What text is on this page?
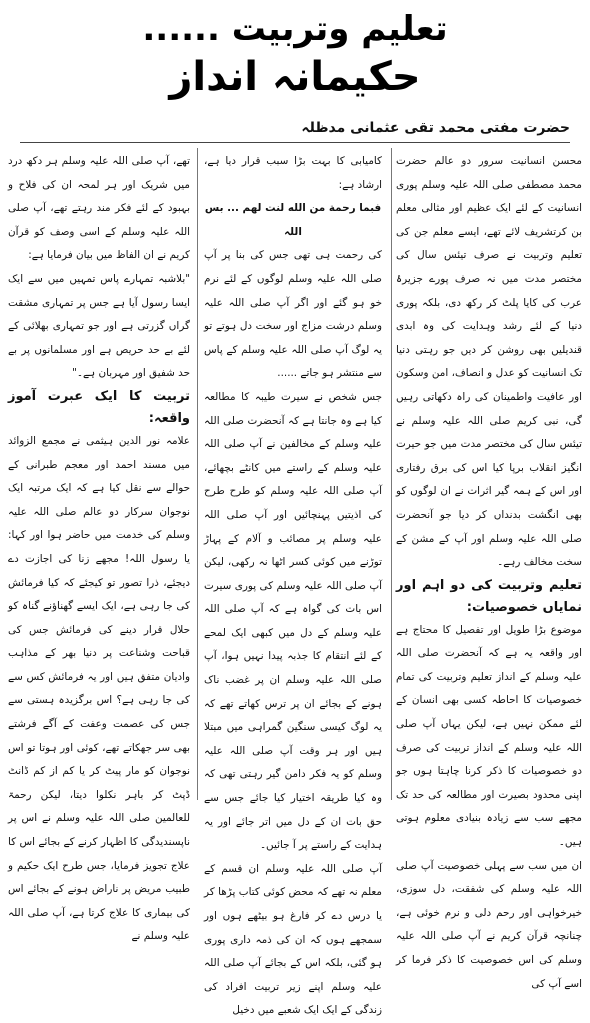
تعلیم وتربیت ......
حکیمانہ انداز
حضرت مفتی محمد تقی عثمانی مدظلہ

محسن انسانیت سرور دو عالم حضرت محمد مصطفی صلی اللہ علیہ وسلم پوری انسانیت کے لئے ایک عظیم اور مثالی معلم بن کرتشریف لائے تھے، ایسے معلم جن کی تعلیم وتربیت نے صرف تیئس سال کی مختصر مدت میں نہ صرف پورے جزیرۂ عرب کی کایا پلٹ کر رکھ دی، بلکہ پوری دنیا کے لئے رشد وہدایت کی وہ ابدی قندیلیں بھی روشن کر دیں جو رہتی دنیا تک انسانیت کو عدل و انصاف، امن وسکون اور عافیت واطمینان کی راہ دکھاتی رہیں گی، نبی کریم صلی اللہ علیہ وسلم نے تیئس سال کی مختصر مدت میں جو حیرت انگیز انقلاب برپا کیا اس کی برق رفتاری اور اس کے ہمہ گیر اثرات نے ان لوگوں کو بھی انگشت بدنداں کر دیا جو آنحضرت صلی اللہ علیہ وسلم اور آپ کے مشن کے سخت مخالف رہے۔

تعلیم وتربیت کی دو اہم اور نمایاں خصوصیات:

موضوع بڑا طویل اور تفصیل کا محتاج ہے اور واقعہ یہ ہے کہ آنحضرت صلی اللہ علیہ وسلم کے انداز تعلیم وتربیت کی تمام خصوصیات کا احاطہ کسی بھی انسان کے لئے ممکن نہیں ہے، لیکن یہاں آپ صلی اللہ علیہ وسلم کے انداز تربیت کی صرف دو خصوصیات کا ذکر کرنا چاہتا ہوں جو اپنی محدود بصیرت اور مطالعہ کی حد تک مجھے سب سے زیادہ بنیادی معلوم ہوتی ہیں۔

ان میں سب سے پہلی خصوصیت آپ صلی اللہ علیہ وسلم کی شفقت، دل سوزی، خیرخواہی اور رحم دلی و نرم خوئی ہے، چنانچہ قرآن کریم نے آپ صلی اللہ علیہ وسلم کی اس خصوصیت کا ذکر فرما کر اسے آپ کی

کامیابی کا بہت بڑا سبب قرار دیا ہے، ارشاد ہے:

فبما رحمة من الله لنت لهم ... بس اللہ

کی رحمت ہی تھی جس کی بنا پر آپ صلی اللہ علیہ وسلم لوگوں کے لئے نرم خو ہو گئے اور اگر آپ صلی اللہ علیہ وسلم درشت مزاج اور سخت دل ہوتے تو یہ لوگ آپ صلی اللہ علیہ وسلم کے پاس سے منتشر ہو جاتے ......

جس شخص نے سیرت طیبہ کا مطالعہ کیا ہے وہ جانتا ہے کہ آنحضرت صلی اللہ علیہ وسلم کے مخالفین نے آپ صلی اللہ علیہ وسلم کے راستے میں کانٹے بچھائے، آپ صلی اللہ علیہ وسلم کو طرح طرح کی اذیتیں پہنچائیں اور آپ صلی اللہ علیہ وسلم پر مصائب و آلام کے پہاڑ توڑنے میں کوئی کسر اٹھا نہ رکھی، لیکن آپ صلی اللہ علیہ وسلم کی پوری سیرت اس بات کی گواہ ہے کہ آپ صلی اللہ علیہ وسلم کے دل میں کبھی ایک لمحے کے لئے انتقام کا جذبہ پیدا نہیں ہوا، آپ صلی اللہ علیہ وسلم ان پر غضب ناک ہونے کے بجائے ان پر ترس کھاتے تھے کہ یہ لوگ کیسی سنگین گمراہی میں مبتلا ہیں اور ہر وقت آپ صلی اللہ علیہ وسلم کو یہ فکر دامن گیر رہتی تھی کہ وہ کیا طریقہ اختیار کیا جائے جس سے حق بات ان کے دل میں اتر جائے اور یہ ہدایت کے راستے پر آ جائیں۔

آپ صلی اللہ علیہ وسلم ان قسم کے معلم نہ تھے کہ محض کوئی کتاب پڑھا کر یا درس دے کر فارغ ہو بیٹھے ہوں اور سمجھے ہوں کہ ان کی ذمہ داری پوری ہو گئی، بلکہ اس کے بجائے آپ صلی اللہ علیہ وسلم اپنے زیر تربیت افراد کی زندگی کے ایک ایک شعبے میں دخیل

تھے، آپ صلی اللہ علیہ وسلم ہر دکھ درد میں شریک اور ہر لمحہ ان کی فلاح و بہبود کے لئے فکر مند رہتے تھے، آپ صلی اللہ علیہ وسلم کے اسی وصف کو قرآن کریم نے ان الفاظ میں بیان فرمایا ہے:

"بلاشبہ تمہارے پاس تمہیں میں سے ایک ایسا رسول آیا ہے جس پر تمہاری مشقت گراں گزرتی ہے اور جو تمہاری بھلائی کے لئے بے حد حریص ہے اور مسلمانوں پر بے حد شفیق اور مہربان ہے۔"

تربیت کا ایک عبرت آموز واقعہ:

علامہ نور الدین ہیثمی نے مجمع الزوائد میں مسند احمد اور معجم طبرانی کے حوالے سے نقل کیا ہے کہ ایک مرتبہ ایک نوجوان سرکار دو عالم صلی اللہ علیہ وسلم کی خدمت میں حاضر ہوا اور کہا: یا رسول اللہ! مجھے زنا کی اجازت دے دیجئے، ذرا تصور تو کیجئے کہ کیا فرمائش کی جا رہی ہے، ایک ایسے گھناؤنے گناہ کو حلال قرار دینے کی فرمائش جس کی قباحت وشناعت پر دنیا بھر کے مذاہب وادیان متفق ہیں اور یہ فرمائش کس سے کی جا رہی ہے؟ اس برگزیدہ ہستی سے جس کی عصمت وعفت کے آگے فرشتے بھی سر جھکاتے تھے، کوئی اور ہوتا تو اس نوجوان کو مار پیٹ کر یا کم از کم ڈانٹ ڈپٹ کر باہر نکلوا دیتا، لیکن رحمۃ للعالمین صلی اللہ علیہ وسلم نے اس پر ناپسندیدگی کا اظہار کرنے کے بجائے اس کا علاج تجویز فرمایا، جس طرح ایک حکیم و طبیب مریض پر ناراض ہونے کے بجائے اس کی بیماری کا علاج کرتا ہے، آپ صلی اللہ علیہ وسلم نے
